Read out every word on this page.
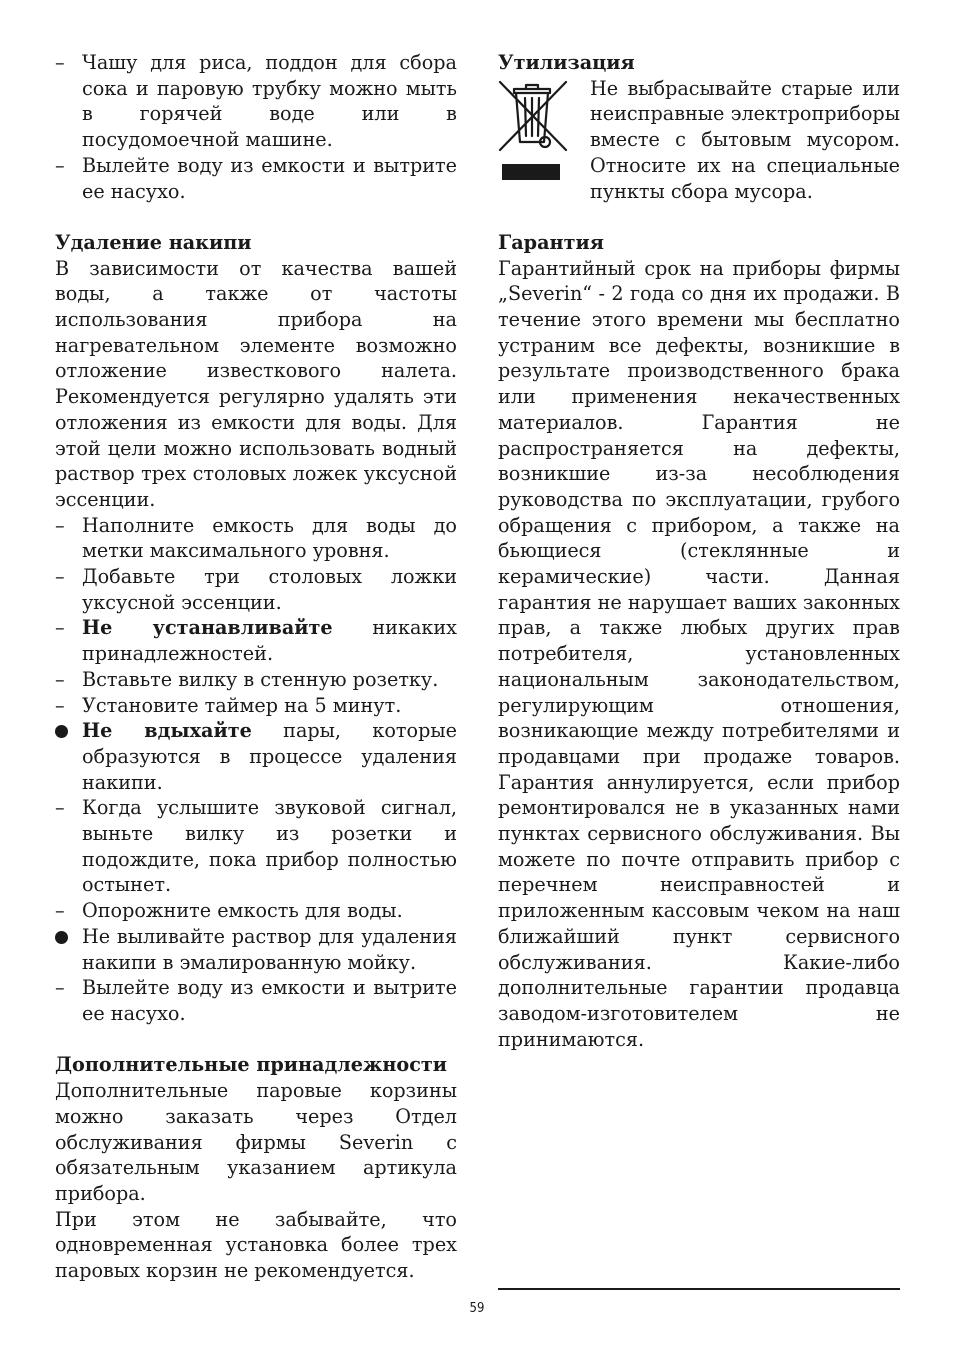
– Чашу для риса, поддон для сбора сока и паровую трубку можно мыть в горячей воде или в посудомоечной машине.
– Вылейте воду из емкости и вытрите ее насухо.
Удаление накипи

В зависимости от качества вашей воды, а также от частоты использования прибора на нагревательном элементе возможно отложение известкового налета. Рекомендуется регулярно удалять эти отложения из емкости для воды. Для этой цели можно использовать водный раствор трех столовых ложек уксусной эссенции.

– Наполните емкость для воды до метки максимального уровня.
– Добавьте три столовых ложки уксусной эссенции.
– Не устанавливайте никаких принадлежностей.
– Вставьте вилку в стенную розетку.
– Установите таймер на 5 минут.
Не вдыхайте пары, которые образуются в процессе удаления накипи.
– Когда услышите звуковой сигнал, выньте вилку из розетки и подождите, пока прибор полностью остынет.
– Опорожните емкость для воды.
Не выливайте раствор для удаления накипи в эмалированную мойку.
– Вылейте воду из емкости и вытрите ее насухо.
Дополнительные принадлежности

Дополнительные паровые корзины можно заказать через Отдел обслуживания фирмы Severin с обязательным указанием артикула прибора.

При этом не забывайте, что одновременная установка более трех паровых корзин не рекомендуется.

Утилизация

Не выбрасывайте старые или неисправные электроприборы вместе с бытовым мусором. Относите их на специальные пункты сбора мусора.

Гарантия

Гарантийный срок на приборы фирмы „Severin“ - 2 года со дня их продажи. В течение этого времени мы бесплатно устраним все дефекты, возникшие в результате производственного брака или применения некачественных материалов. Гарантия не распространяется на дефекты, возникшие из-за несоблюдения руководства по эксплуатации, грубого обращения с прибором, а также на бьющиеся (стеклянные и керамические) части. Данная гарантия не нарушает ваших законных прав, а также любых других прав потребителя, установленных национальным законодательством, регулирующим отношения, возникающие между потребителями и продавцами при продаже товаров. Гарантия аннулируется, если прибор ремонтировался не в указанных нами пунктах сервисного обслуживания. Вы можете по почте отправить прибор с перечнем неисправностей и приложенным кассовым чеком на наш ближайший пункт сервисного обслуживания. Какие-либо дополнительные гарантии продавца заводом-изготовителем не принимаются.

59
